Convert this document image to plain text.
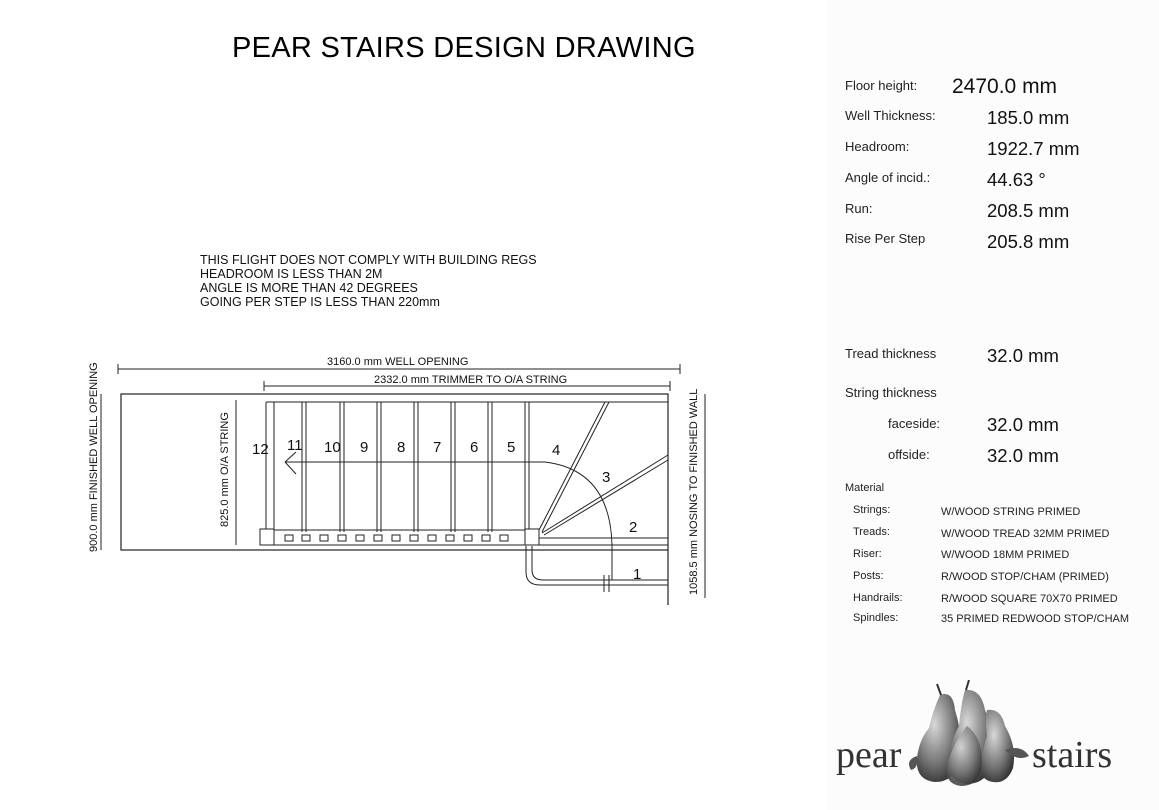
PEAR STAIRS DESIGN DRAWING
Floor height: 2470.0 mm
Well Thickness:	185.0 mm
Headroom:	1922.7 mm
Angle of incid.:	44.63 °
Run:	208.5 mm
Rise Per Step	205.8 mm
Tread thickness	32.0 mm
String thickness
faceside:	32.0 mm
offside:	32.0 mm
Material
Strings:	W/WOOD STRING PRIMED
Treads:	W/WOOD TREAD 32MM PRIMED
Riser:	W/WOOD 18MM PRIMED
Posts:	R/WOOD STOP/CHAM (PRIMED)
Handrails:	R/WOOD SQUARE 70X70 PRIMED
Spindles:	35 PRIMED REDWOOD STOP/CHAM
THIS FLIGHT DOES NOT COMPLY WITH BUILDING REGS
HEADROOM IS LESS THAN 2M
ANGLE IS MORE THAN 42 DEGREES
GOING PER STEP IS LESS THAN 220mm
3160.0 mm WELL OPENING
2332.0 mm TRIMMER TO O/A STRING
900.0 mm FINISHED WELL OPENING	825.0 mm O/A STRING	1058.5 mm NOSING TO FINISHED WALL
1
2
3
4
5
6
7
8
9
10
11
12
pear	stairs
